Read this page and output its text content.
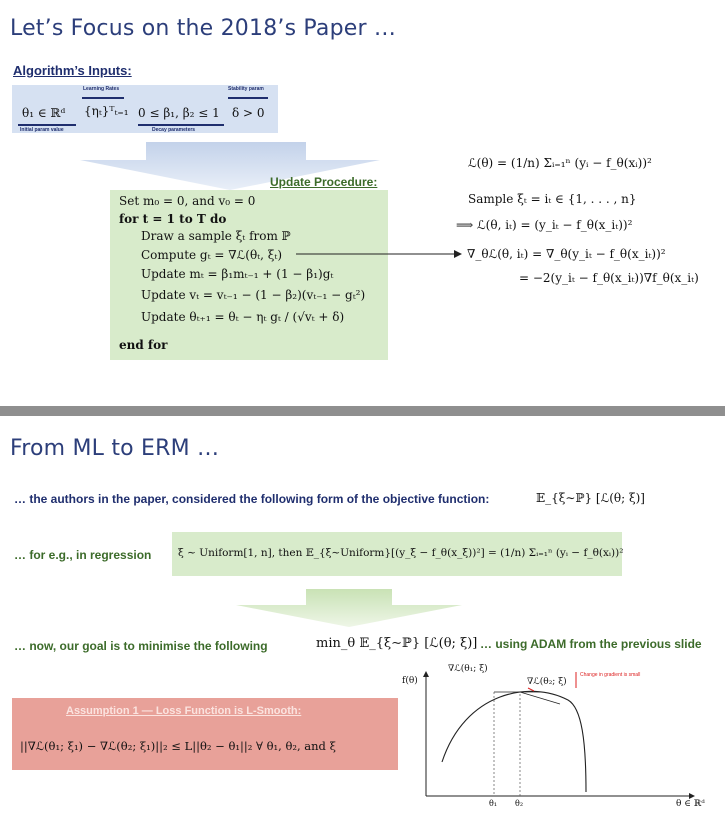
Let’s Focus on the 2018’s Paper …
Algorithm’s Inputs:
Learning Rates	Stability param
θ₁ ∈ ℝᵈ {ηₜ}ᵀₜ₌₁ 0 ≤ β₁, β₂ ≤ 1 δ > 0
Initial param value	Decay parameters
Update Procedure:
Set m₀ = 0, and v₀ = 0
for t = 1 to T do
Draw a sample ξₜ from ℙ
Compute gₜ = ∇ℒ(θₜ, ξₜ)
Update mₜ = β₁mₜ₋₁ + (1 − β₁)gₜ
Update vₜ = vₜ₋₁ − (1 − β₂)(vₜ₋₁ − gₜ²)
Update θₜ₊₁ = θₜ − ηₜ gₜ / (√vₜ + δ)
end for
ℒ(θ) = (1/n) Σᵢ₌₁ⁿ (yᵢ − f_θ(xᵢ))²
Sample ξₜ = iₜ ∈ {1, . . . , n}
⟹ ℒ(θ, iₜ) = (y_iₜ − f_θ(x_iₜ))²
∇_θℒ(θ, iₜ) = ∇_θ(y_iₜ − f_θ(x_iₜ))²
= −2(y_iₜ − f_θ(x_iₜ))∇f_θ(x_iₜ)
From ML to ERM …
… the authors in the paper, considered the following form of the objective function:	𝔼_{ξ∼ℙ} [ℒ(θ; ξ)]
… for e.g., in regression	ξ ∼ Uniform[1, n], then 𝔼_{ξ∼Uniform}[(y_ξ − f_θ(x_ξ))²] = (1/n) Σᵢ₌₁ⁿ (yᵢ − f_θ(xᵢ))²
… now, our goal is to minimise the following	min_θ 𝔼_{ξ∼ℙ} [ℒ(θ; ξ)] … using ADAM from the previous slide
Assumption 1 — Loss Function is L-Smooth:
||∇ℒ(θ₁; ξ₁) − ∇ℒ(θ₂; ξ₁)||₂ ≤ L||θ₂ − θ₁||₂ ∀ θ₁, θ₂, and ξ
f(θ)
θ ∈ ℝᵈ
∇ℒ(θ₁; ξ)
∇ℒ(θ₂; ξ)
Change in gradient is small
θ₁ θ₂
